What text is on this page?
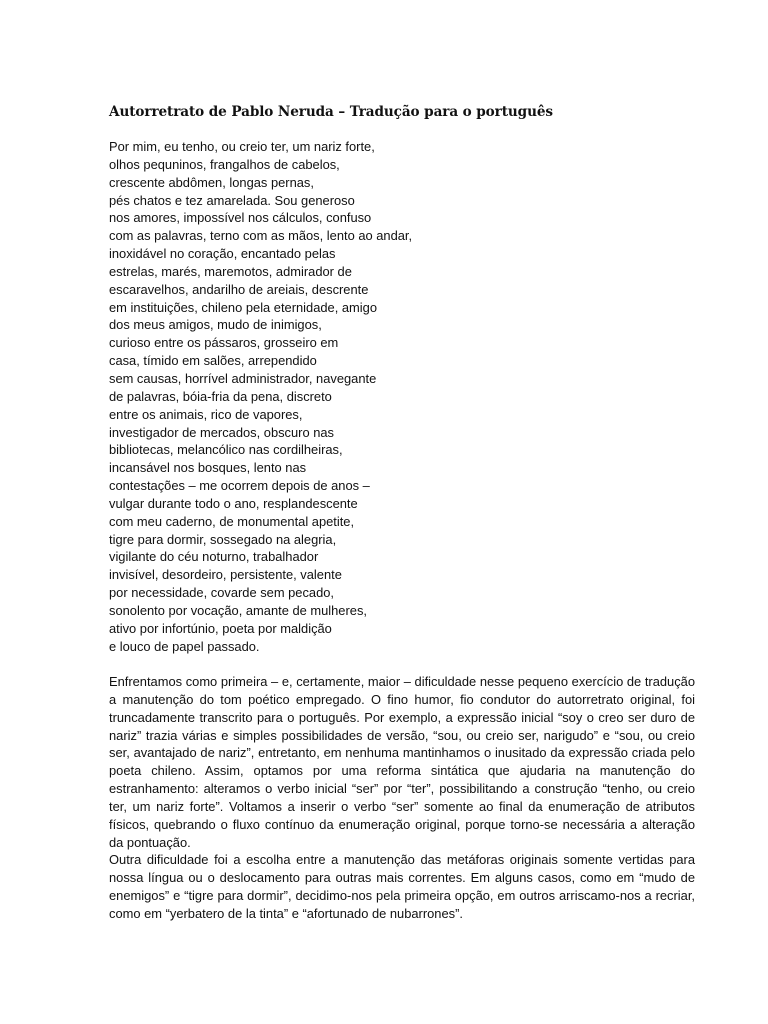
Autorretrato de Pablo Neruda – Tradução para o português
Por mim, eu tenho, ou creio ter, um nariz forte,
olhos pequninos, frangalhos de cabelos,
crescente abdômen, longas pernas,
pés chatos e tez amarelada. Sou generoso
nos amores, impossível nos cálculos, confuso
com as palavras, terno com as mãos, lento ao andar,
inoxidável no coração, encantado pelas
estrelas, marés, maremotos, admirador de
escaravelhos, andarilho de areiais, descrente
em instituições, chileno pela eternidade, amigo
dos meus amigos, mudo de inimigos,
curioso entre os pássaros, grosseiro em
casa, tímido em salões, arrependido
sem causas, horrível administrador, navegante
de palavras, bóia-fria da pena, discreto
entre os animais, rico de vapores,
investigador de mercados, obscuro nas
bibliotecas, melancólico nas cordilheiras,
incansável nos bosques, lento nas
contestações – me ocorrem depois de anos –
vulgar durante todo o ano, resplandescente
com meu caderno, de monumental apetite,
tigre para dormir, sossegado na alegria,
vigilante do céu noturno, trabalhador
invisível, desordeiro, persistente, valente
por necessidade, covarde sem pecado,
sonolento por vocação, amante de mulheres,
ativo por infortúnio, poeta por maldição
e louco de papel passado.

Enfrentamos como primeira – e, certamente, maior – dificuldade nesse pequeno exercício de tradução a manutenção do tom poético empregado. O fino humor, fio condutor do autorretrato original, foi truncadamente transcrito para o português. Por exemplo, a expressão inicial “soy o creo ser duro de nariz” trazia várias e simples possibilidades de versão, “sou, ou creio ser, narigudo” e “sou, ou creio ser, avantajado de nariz”, entretanto, em nenhuma mantinhamos o inusitado da expressão criada pelo poeta chileno. Assim, optamos por uma reforma sintática que ajudaria na manutenção do estranhamento: alteramos o verbo inicial “ser” por “ter”, possibilitando a construção “tenho, ou creio ter, um nariz forte”. Voltamos a inserir o verbo “ser” somente ao final da enumeração de atributos físicos, quebrando o fluxo contínuo da enumeração original, porque torno-se necessária a alteração da pontuação.

Outra dificuldade foi a escolha entre a manutenção das metáforas originais somente vertidas para nossa língua ou o deslocamento para outras mais correntes. Em alguns casos, como em “mudo de enemigos” e “tigre para dormir”, decidimo-nos pela primeira opção, em outros arriscamo-nos a recriar, como em “yerbatero de la tinta” e “afortunado de nubarrones”.
